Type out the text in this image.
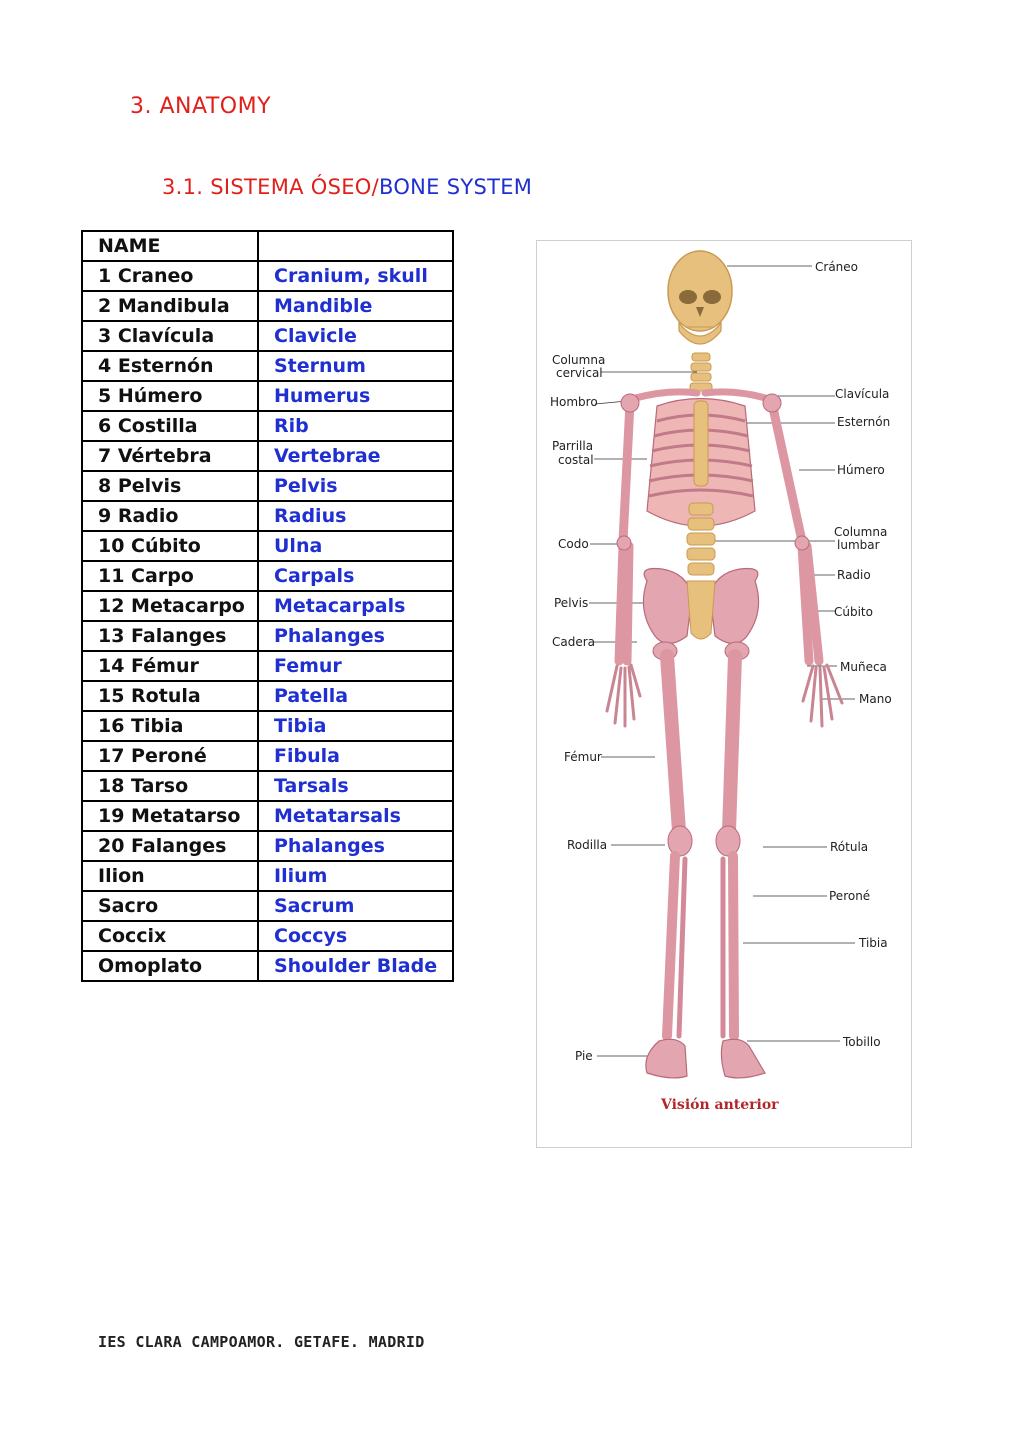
3. ANATOMY
3.1. SISTEMA ÓSEO/BONE SYSTEM
NAME	
1 Craneo	Cranium, skull
2 Mandibula	Mandible
3 Clavícula	Clavicle
4 Esternón	Sternum
5 Húmero	Humerus
6 Costilla	Rib
7 Vértebra	Vertebrae
8 Pelvis	Pelvis
9 Radio	Radius
10 Cúbito	Ulna
11 Carpo	Carpals
12 Metacarpo	Metacarpals
13 Falanges	Phalanges
14 Fémur	Femur
15 Rotula	Patella
16 Tibia	Tibia
17 Peroné	Fibula
18 Tarso	Tarsals
19 Metatarso	Metatarsals
20 Falanges	Phalanges
Ilion	Ilium
Sacro	Sacrum
Coccix	Coccys
Omoplato	Shoulder Blade
Columna
cervical
Hombro
Parrilla
costal
Codo
Pelvis
Cadera
Fémur
Rodilla
Pie
Cráneo
Clavícula
Esternón
Húmero
Columna
lumbar
Radio
Cúbito
Muñeca
Mano
Rótula
Peroné
Tibia
Tobillo
Visión anterior
IES CLARA CAMPOAMOR. GETAFE. MADRID
